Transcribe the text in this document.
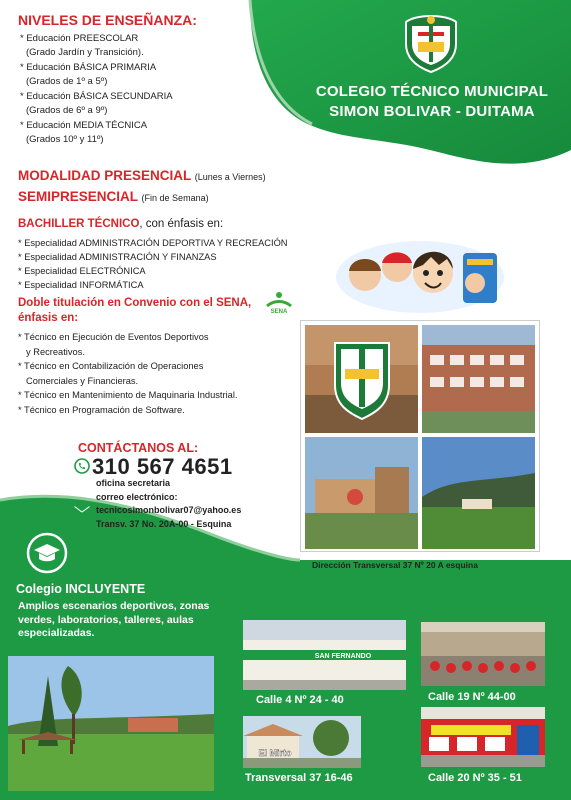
COLEGIO TÉCNICO MUNICIPAL
SIMON BOLIVAR - DUITAMA
NIVELES DE ENSEÑANZA:
* Educación PREESCOLAR
(Grado Jardín y Transición).
* Educación BÁSICA PRIMARIA
(Grados de 1º a 5º)
* Educación BÁSICA SECUNDARIA
(Grados de 6º a 9º)
* Educación MEDIA TÉCNICA
(Grados 10º y 11º)
MODALIDAD PRESENCIAL (Lunes a Viernes)
SEMIPRESENCIAL (Fin de Semana)
BACHILLER TÉCNICO, con énfasis en:
* Especialidad ADMINISTRACIÓN DEPORTIVA Y RECREACIÓN
* Especialidad ADMINISTRACIÓN Y FINANZAS
* Especialidad ELECTRÓNICA
* Especialidad INFORMÁTICA
Doble titulación en Convenio con el SENA,
énfasis en:	SENA
* Técnico en Ejecución de Eventos Deportivos
y Recreativos.
* Técnico en Contabilización de Operaciones
Comerciales y Financieras.
* Técnico en Mantenimiento de Maquinaria Industrial.
* Técnico en Programación de Software.
Dirección Transversal 37 Nº 20 A esquina
CONTÁCTANOS AL:
310 567 4651
oficina secretaria
correo electrónico:
tecnicosimonbolivar07@yahoo.es
Transv. 37 No. 20A-00 - Esquina
Colegio INCLUYENTE
Amplios escenarios deportivos, zonas verdes, laboratorios, talleres, aulas especializadas.
Sedes
SAN FERNANDO
Calle 4 Nº 24 - 40	Calle 19 Nº 44-00
El Mirto
Transversal 37 16-46	Calle 20 Nº 35 - 51
